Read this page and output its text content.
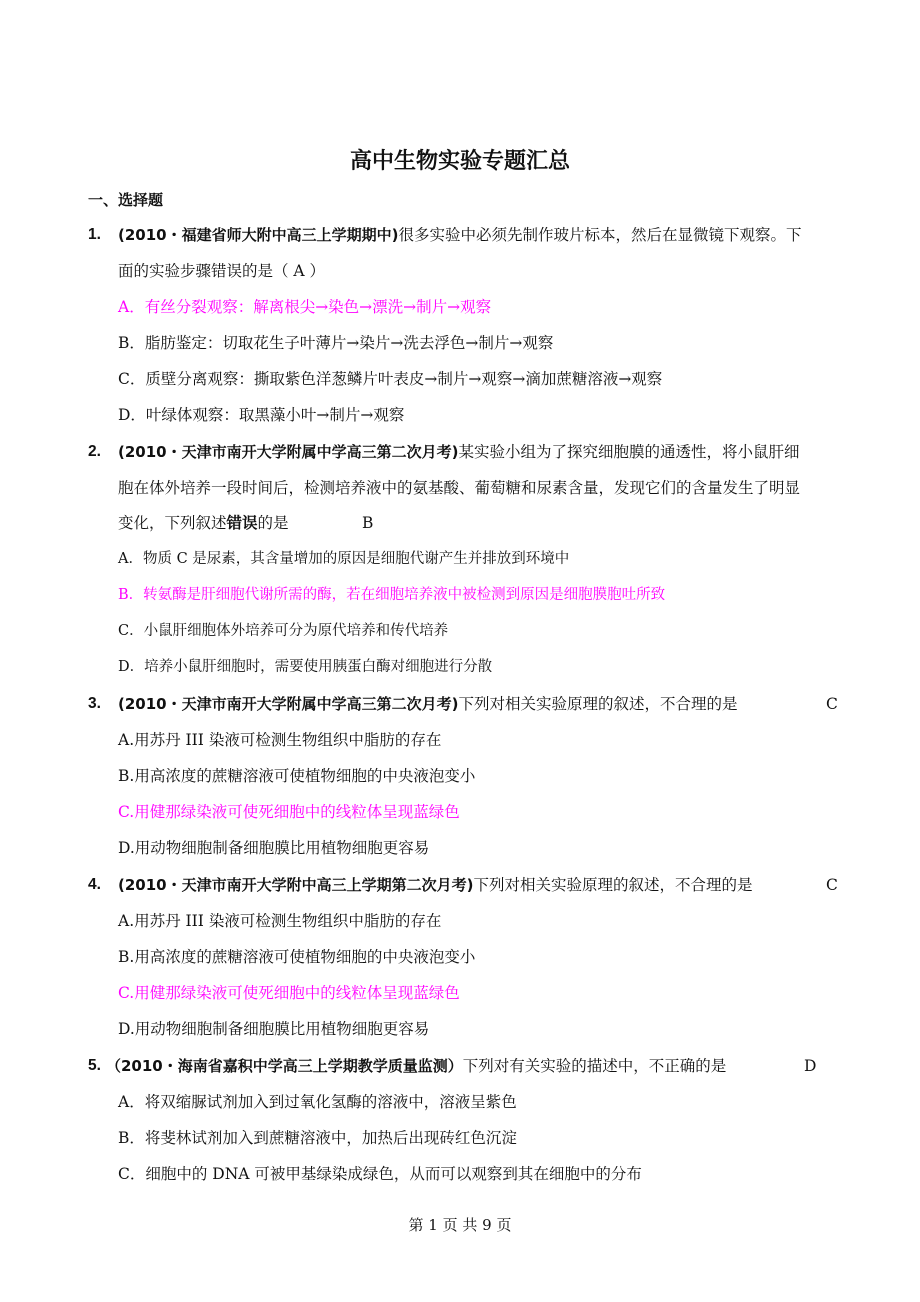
高中生物实验专题汇总
一、选择题
1. (2010・福建省师大附中高三上学期期中)很多实验中必须先制作玻片标本，然后在显微镜下观察。下
面的实验步骤错误的是（ A ）
A．有丝分裂观察：解离根尖→染色→漂洗→制片→观察
B．脂肪鉴定：切取花生子叶薄片→染片→洗去浮色→制片→观察
C．质壁分离观察：撕取紫色洋葱鳞片叶表皮→制片→观察→滴加蔗糖溶液→观察
D．叶绿体观察：取黑藻小叶→制片→观察
2. (2010・天津市南开大学附属中学高三第二次月考)某实验小组为了探究细胞膜的通透性，将小鼠肝细
胞在体外培养一段时间后，检测培养液中的氨基酸、葡萄糖和尿素含量，发现它们的含量发生了明显
变化，下列叙述错误的是	B
A．物质 C 是尿素，其含量增加的原因是细胞代谢产生并排放到环境中
B．转氨酶是肝细胞代谢所需的酶，若在细胞培养液中被检测到原因是细胞膜胞吐所致
C．小鼠肝细胞体外培养可分为原代培养和传代培养
D．培养小鼠肝细胞时，需要使用胰蛋白酶对细胞进行分散
3. (2010・天津市南开大学附属中学高三第二次月考)下列对相关实验原理的叙述，不合理的是	C
A.用苏丹 III 染液可检测生物组织中脂肪的存在
B.用高浓度的蔗糖溶液可使植物细胞的中央液泡变小
C.用健那绿染液可使死细胞中的线粒体呈现蓝绿色
D.用动物细胞制备细胞膜比用植物细胞更容易
4. (2010・天津市南开大学附中高三上学期第二次月考)下列对相关实验原理的叙述，不合理的是	C
A.用苏丹 III 染液可检测生物组织中脂肪的存在
B.用高浓度的蔗糖溶液可使植物细胞的中央液泡变小
C.用健那绿染液可使死细胞中的线粒体呈现蓝绿色
D.用动物细胞制备细胞膜比用植物细胞更容易
5. （2010・海南省嘉积中学高三上学期教学质量监测）下列对有关实验的描述中，不正确的是	D
A．将双缩脲试剂加入到过氧化氢酶的溶液中，溶液呈紫色
B．将斐林试剂加入到蔗糖溶液中，加热后出现砖红色沉淀
C．细胞中的 DNA 可被甲基绿染成绿色，从而可以观察到其在细胞中的分布
第 1 页 共 9 页
